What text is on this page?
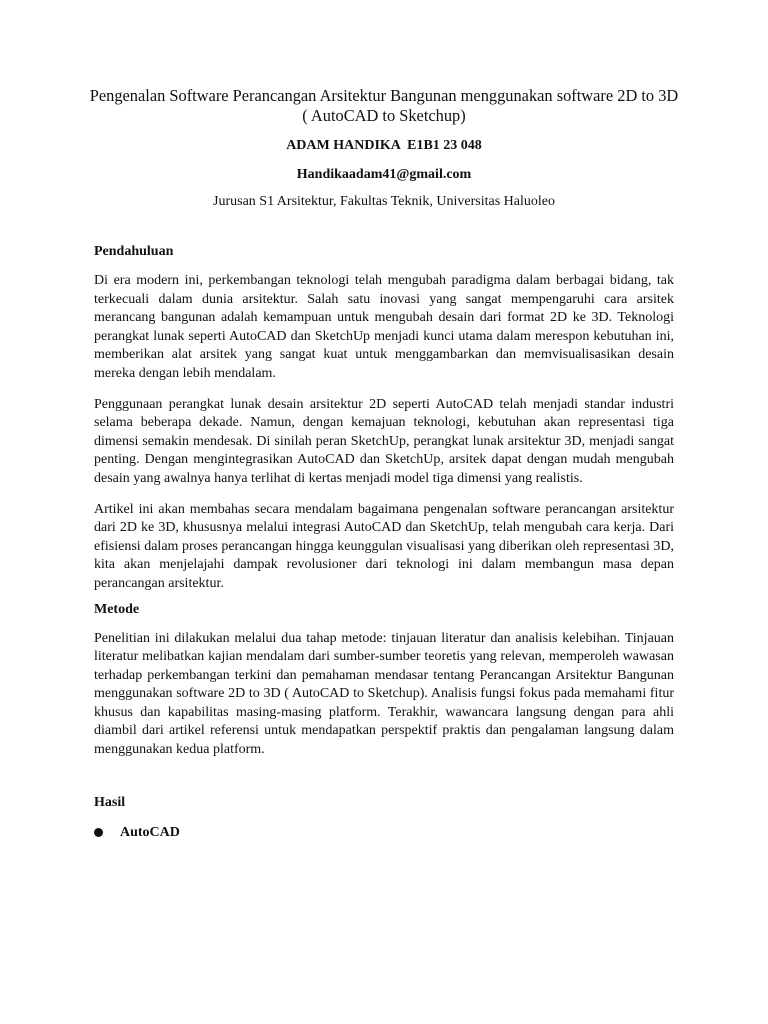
Pengenalan Software Perancangan Arsitektur Bangunan menggunakan software 2D to 3D ( AutoCAD to Sketchup)
ADAM HANDIKA  E1B1 23 048
Handikaadam41@gmail.com
Jurusan S1 Arsitektur, Fakultas Teknik, Universitas Haluoleo
Pendahuluan

Di era modern ini, perkembangan teknologi telah mengubah paradigma dalam berbagai bidang, tak terkecuali dalam dunia arsitektur. Salah satu inovasi yang sangat mempengaruhi cara arsitek merancang bangunan adalah kemampuan untuk mengubah desain dari format 2D ke 3D. Teknologi perangkat lunak seperti AutoCAD dan SketchUp menjadi kunci utama dalam merespon kebutuhan ini, memberikan alat arsitek yang sangat kuat untuk menggambarkan dan memvisualisasikan desain mereka dengan lebih mendalam.

Penggunaan perangkat lunak desain arsitektur 2D seperti AutoCAD telah menjadi standar industri selama beberapa dekade. Namun, dengan kemajuan teknologi, kebutuhan akan representasi tiga dimensi semakin mendesak. Di sinilah peran SketchUp, perangkat lunak arsitektur 3D, menjadi sangat penting. Dengan mengintegrasikan AutoCAD dan SketchUp, arsitek dapat dengan mudah mengubah desain yang awalnya hanya terlihat di kertas menjadi model tiga dimensi yang realistis.

Artikel ini akan membahas secara mendalam bagaimana pengenalan software perancangan arsitektur dari 2D ke 3D, khususnya melalui integrasi AutoCAD dan SketchUp, telah mengubah cara kerja. Dari efisiensi dalam proses perancangan hingga keunggulan visualisasi yang diberikan oleh representasi 3D, kita akan menjelajahi dampak revolusioner dari teknologi ini dalam membangun masa depan perancangan arsitektur.

Metode

Penelitian ini dilakukan melalui dua tahap metode: tinjauan literatur dan analisis kelebihan. Tinjauan literatur melibatkan kajian mendalam dari sumber-sumber teoretis yang relevan, memperoleh wawasan terhadap perkembangan terkini dan pemahaman mendasar tentang Perancangan Arsitektur Bangunan menggunakan software 2D to 3D ( AutoCAD to Sketchup). Analisis fungsi fokus pada memahami fitur khusus dan kapabilitas masing-masing platform. Terakhir, wawancara langsung dengan para ahli diambil dari artikel referensi untuk mendapatkan perspektif praktis dan pengalaman langsung dalam menggunakan kedua platform.

Hasil
AutoCAD
